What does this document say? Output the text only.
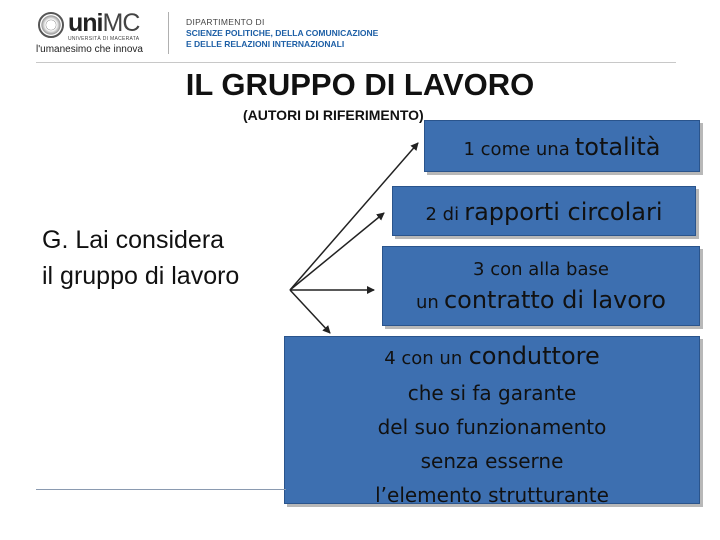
uniMC
UNIVERSITÀ DI MACERATA
l'umanesimo che innova
DIPARTIMENTO DI
SCIENZE POLITICHE, DELLA COMUNICAZIONE
E DELLE RELAZIONI INTERNAZIONALI
IL GRUPPO DI LAVORO
(AUTORI DI RIFERIMENTO)
G. Lai considera
il gruppo di lavoro
1 come una totalità
2 di rapporti circolari
3 con alla base
un contratto di lavoro
4 con un conduttore
che si fa garante
del suo funzionamento
senza esserne
l’elemento strutturante
